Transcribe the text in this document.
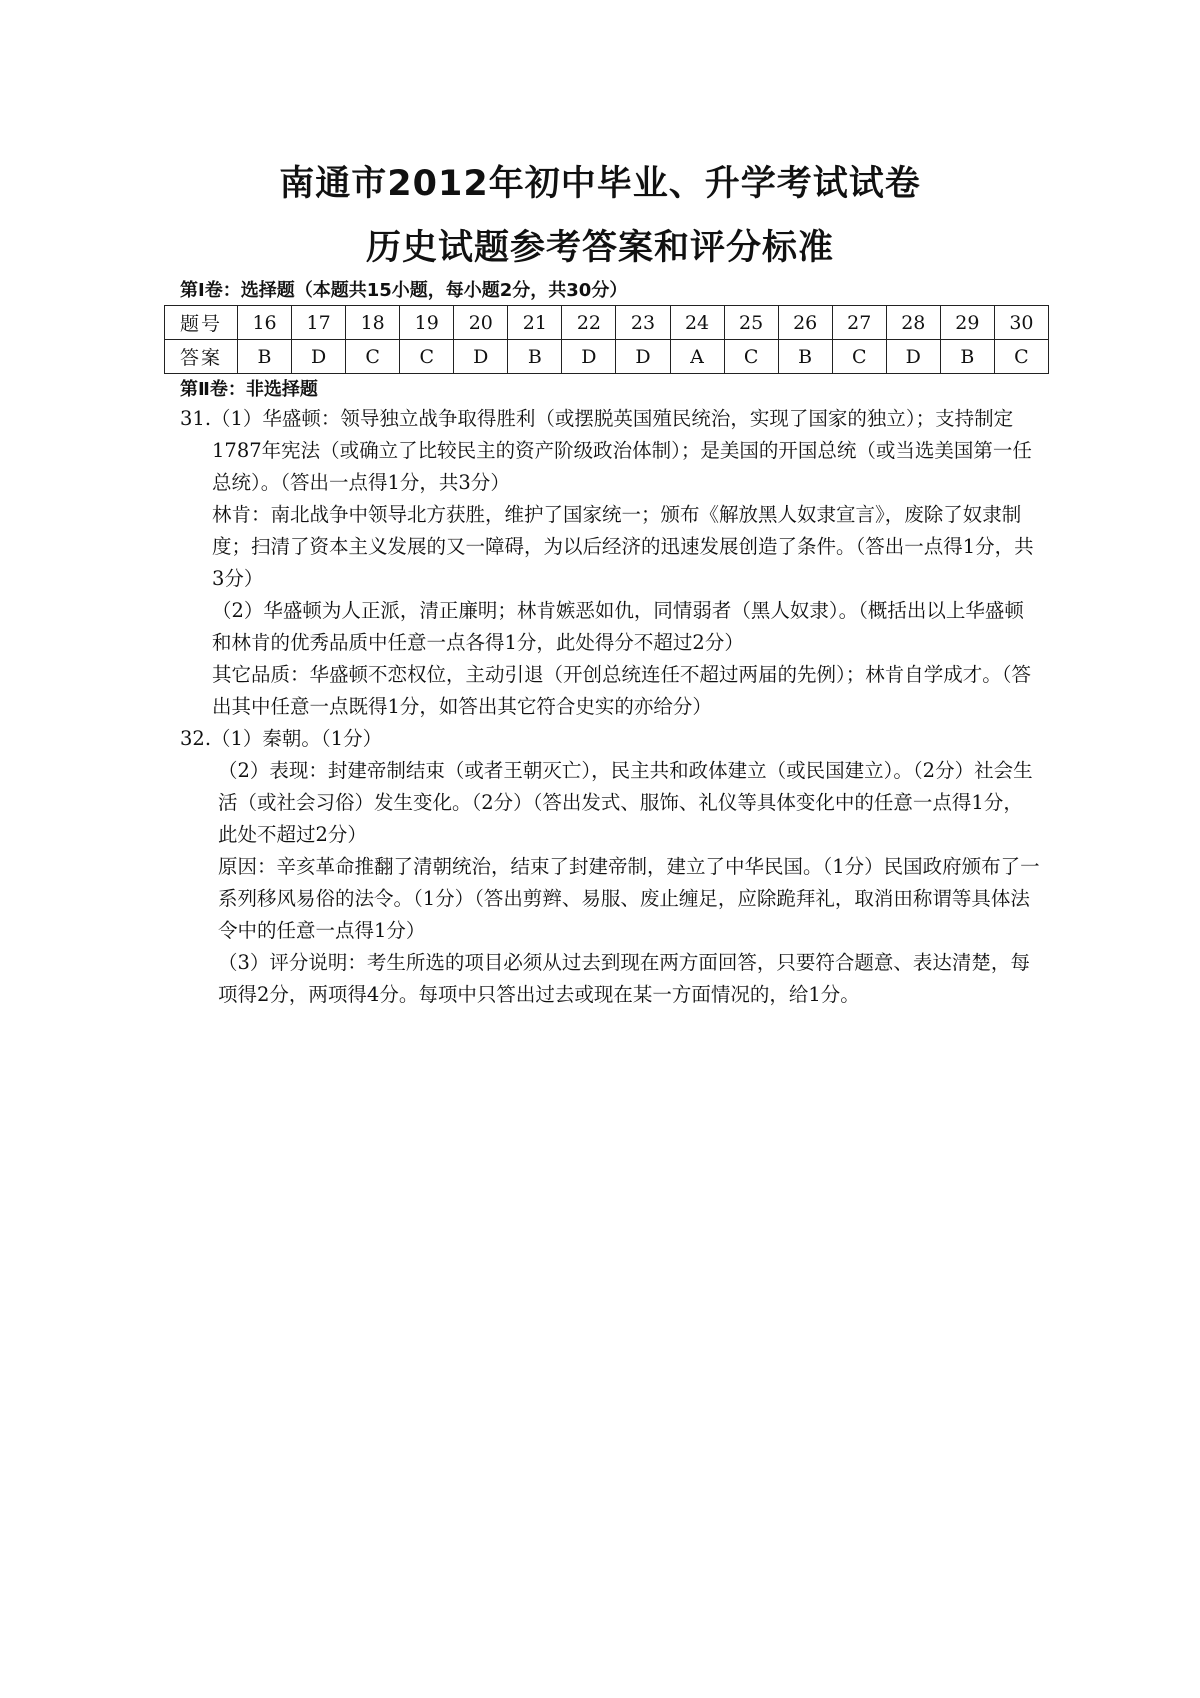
南通市2012年初中毕业、升学考试试卷
历史试题参考答案和评分标准

第Ⅰ卷：选择题（本题共15小题，每小题2分，共30分）

题号	16	17	18	19	20	21	22	23	24	25	26	27	28	29	30
答案	B	D	C	C	D	B	D	D	A	C	B	C	D	B	C

第Ⅱ卷：非选择题

31.（1）华盛顿：领导独立战争取得胜利（或摆脱英国殖民统治，实现了国家的独立）；支持制定1787年宪法（或确立了比较民主的资产阶级政治体制）；是美国的开国总统（或当选美国第一任总统）。（答出一点得1分，共3分）

林肯：南北战争中领导北方获胜，维护了国家统一；颁布《解放黑人奴隶宣言》，废除了奴隶制度；扫清了资本主义发展的又一障碍，为以后经济的迅速发展创造了条件。（答出一点得1分，共3分）

（2）华盛顿为人正派，清正廉明；林肯嫉恶如仇，同情弱者（黑人奴隶）。（概括出以上华盛顿和林肯的优秀品质中任意一点各得1分，此处得分不超过2分）

其它品质：华盛顿不恋权位，主动引退（开创总统连任不超过两届的先例）；林肯自学成才。（答出其中任意一点既得1分，如答出其它符合史实的亦给分）

32.（1）秦朝。（1分）

（2）表现：封建帝制结束（或者王朝灭亡），民主共和政体建立（或民国建立）。（2分）社会生活（或社会习俗）发生变化。（2分）（答出发式、服饰、礼仪等具体变化中的任意一点得1分，此处不超过2分）

原因：辛亥革命推翻了清朝统治，结束了封建帝制，建立了中华民国。（1分）民国政府颁布了一系列移风易俗的法令。（1分）（答出剪辫、易服、废止缠足，应除跪拜礼，取消田称谓等具体法令中的任意一点得1分）

（3）评分说明：考生所选的项目必须从过去到现在两方面回答，只要符合题意、表达清楚，每项得2分，两项得4分。每项中只答出过去或现在某一方面情况的，给1分。
